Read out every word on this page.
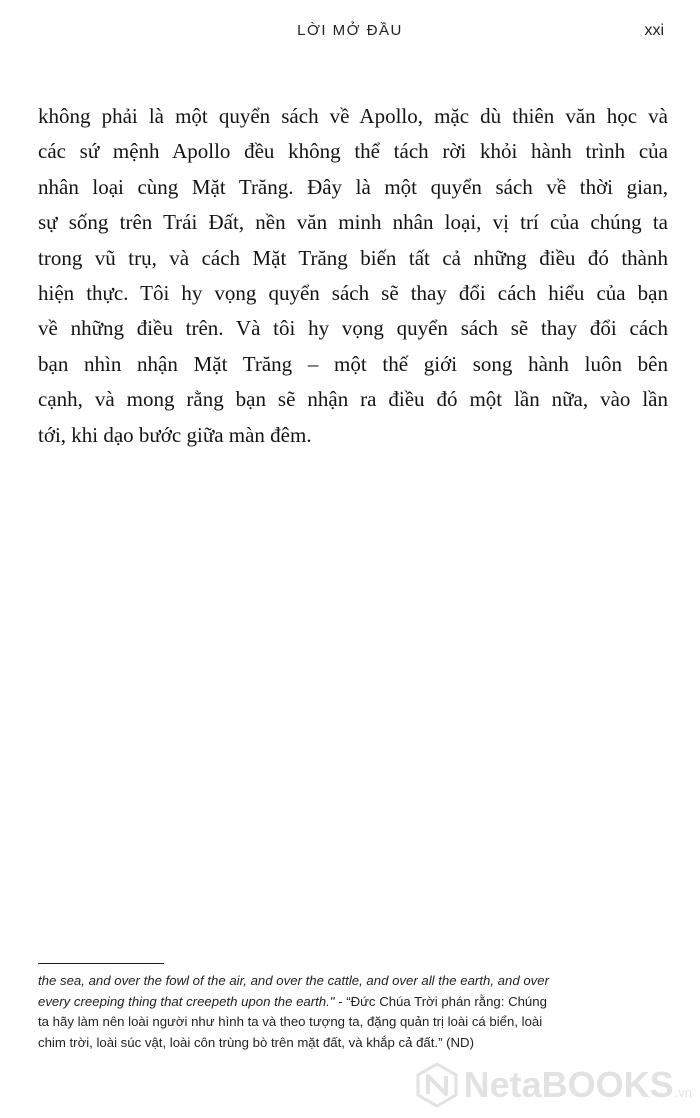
LỜI MỞ ĐẦU	xxi
không phải là một quyển sách về Apollo, mặc dù thiên văn học và
các sứ mệnh Apollo đều không thể tách rời khỏi hành trình của
nhân loại cùng Mặt Trăng. Đây là một quyển sách về thời gian,
sự sống trên Trái Đất, nền văn minh nhân loại, vị trí của chúng ta
trong vũ trụ, và cách Mặt Trăng biến tất cả những điều đó thành
hiện thực. Tôi hy vọng quyển sách sẽ thay đổi cách hiểu của bạn
về những điều trên. Và tôi hy vọng quyển sách sẽ thay đổi cách
bạn nhìn nhận Mặt Trăng – một thế giới song hành luôn bên
cạnh, và mong rằng bạn sẽ nhận ra điều đó một lần nữa, vào lần
tới, khi dạo bước giữa màn đêm.
the sea, and over the fowl of the air, and over the cattle, and over all the earth, and over
every creeping thing that creepeth upon the earth." - “Đức Chúa Trời phán rằng: Chúng
ta hãy làm nên loài người như hình ta và theo tượng ta, đặng quản trị loài cá biển, loài
chim trời, loài súc vật, loài côn trùng bò trên mặt đất, và khắp cả đất.” (ND)
NetaBOOKS .vn
